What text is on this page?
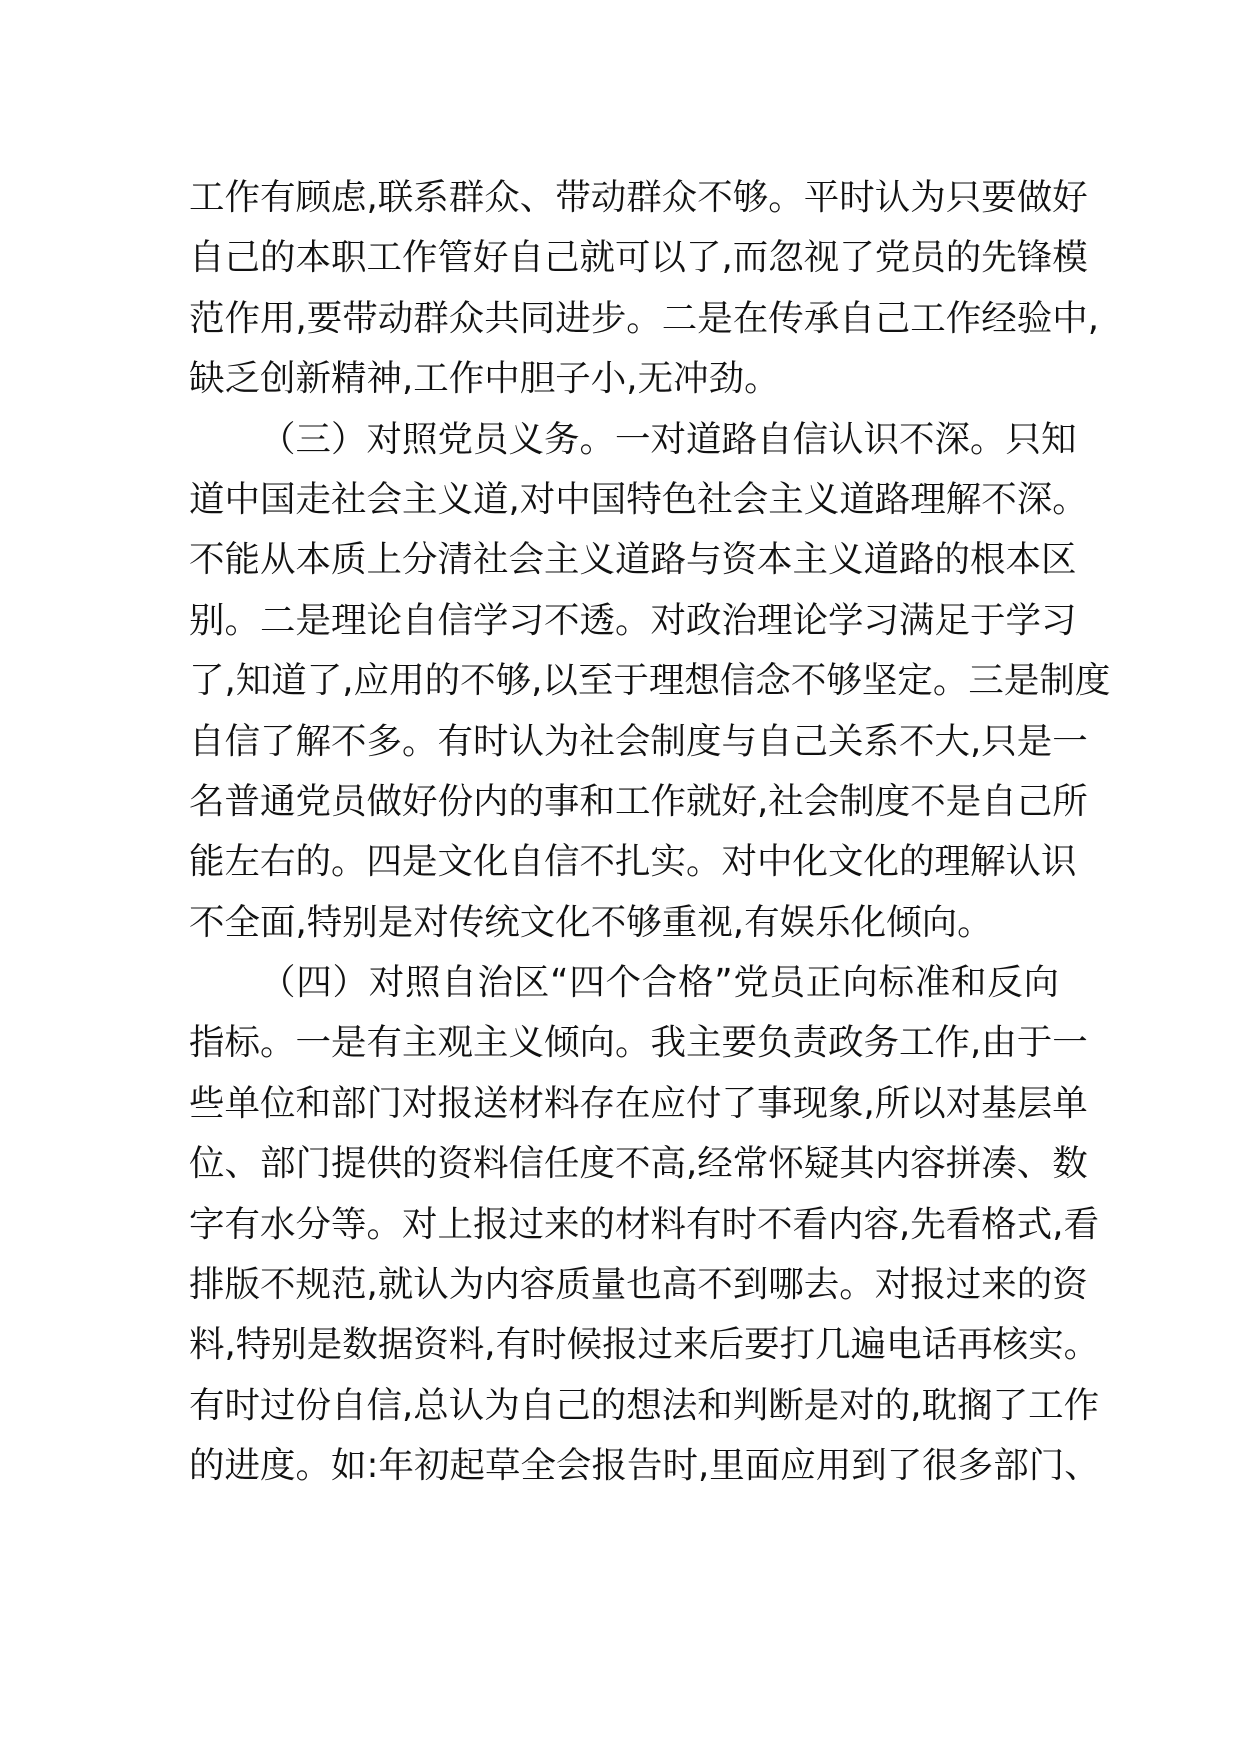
工作有顾虑,联系群众、带动群众不够。平时认为只要做好
自己的本职工作管好自己就可以了,而忽视了党员的先锋模
范作用,要带动群众共同进步。二是在传承自己工作经验中,
缺乏创新精神,工作中胆子小,无冲劲。
（三）对照党员义务。一对道路自信认识不深。只知
道中国走社会主义道,对中国特色社会主义道路理解不深。
不能从本质上分清社会主义道路与资本主义道路的根本区
别。二是理论自信学习不透。对政治理论学习满足于学习
了,知道了,应用的不够,以至于理想信念不够坚定。三是制度
自信了解不多。有时认为社会制度与自己关系不大,只是一
名普通党员做好份内的事和工作就好,社会制度不是自己所
能左右的。四是文化自信不扎实。对中化文化的理解认识
不全面,特别是对传统文化不够重视,有娱乐化倾向。
（四）对照自治区“四个合格”党员正向标准和反向
指标。一是有主观主义倾向。我主要负责政务工作,由于一
些单位和部门对报送材料存在应付了事现象,所以对基层单
位、部门提供的资料信任度不高,经常怀疑其内容拼凑、数
字有水分等。对上报过来的材料有时不看内容,先看格式,看
排版不规范,就认为内容质量也高不到哪去。对报过来的资
料,特别是数据资料,有时候报过来后要打几遍电话再核实。
有时过份自信,总认为自己的想法和判断是对的,耽搁了工作
的进度。如:年初起草全会报告时,里面应用到了很多部门、
